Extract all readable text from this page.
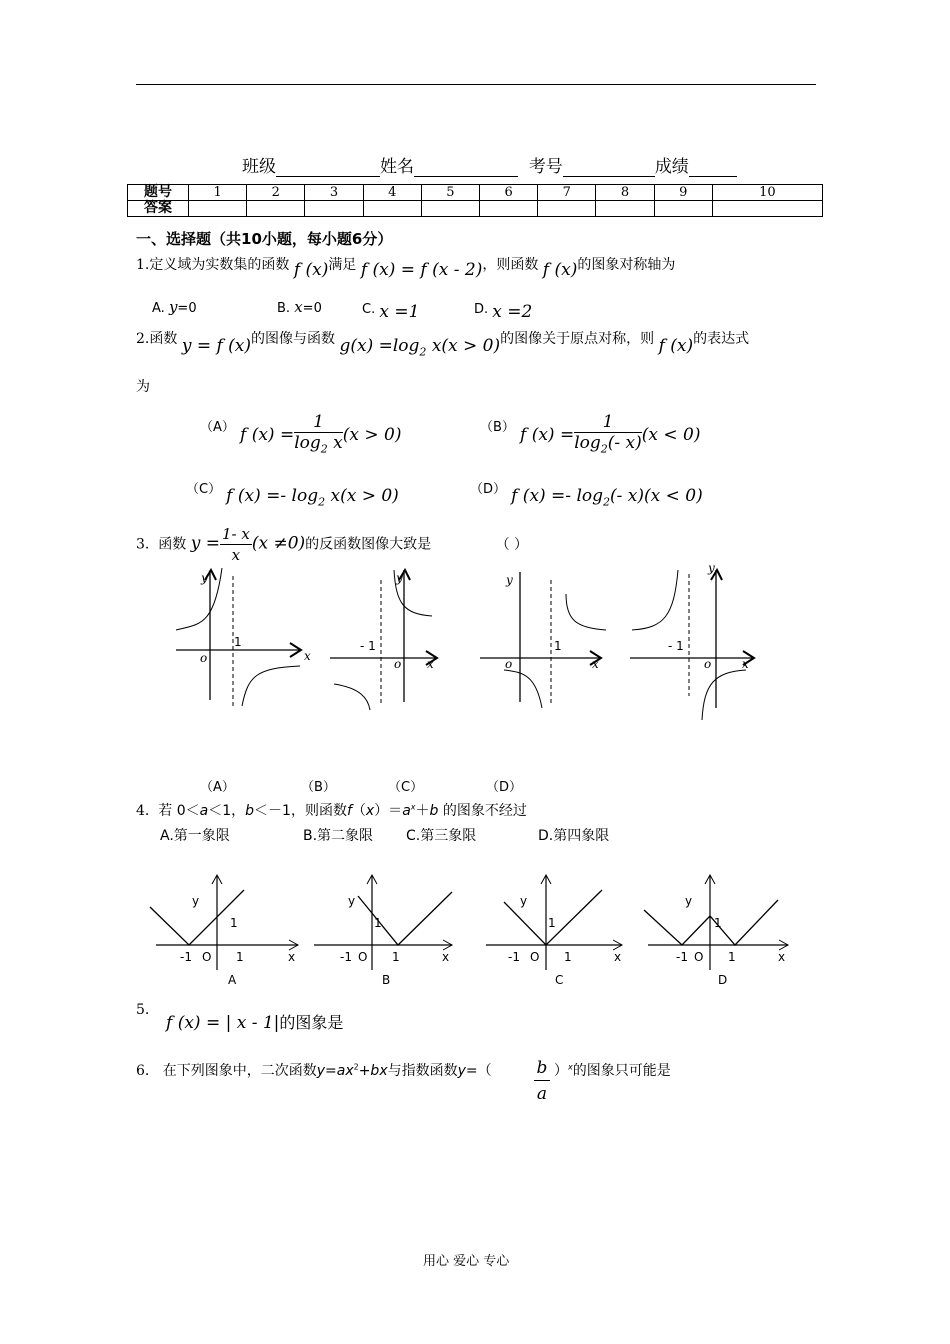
班级	姓名	考号	成绩
题号	1	2	3	4	5	6	7	8	9	10
答案										
一、选择题（共10小题，每小题6分）
1.定义域为实数集的函数 f (x)满足 f (x) = f (x - 2)，则函数 f (x)的图象对称轴为
A. y=0	B. x=0	C. x =1	D. x =2
2.函数 y = f (x)的图像与函数 $g(x) =\log_2$ x(x > 0)的图像关于原点对称，则 f (x)的表达式
为
$^{(A)}$ f $(x) = \frac{1}{\log_2 x} (x > 0)$	$^{(B)}$ f $(x) = \frac{1}{\log_2(- x)} (x < 0)$
$^{(C)}$ f $(x) =- \log_2 x(x > 0)$	$^{(D)}$ f $(x) =- \log_2(-$ x)(x < 0)
3. 函数 $y = \frac{1- x}{x} (x \ne 0)$的反函数图像大致是	（ ）
y
x
o
1
y
x
o
- 1
y
x
o
1
y
x
o
- 1
（A）	（B）	（C）	（D）
4. 若 0＜a＜1，b＜－1，则函数$f(x)=a^x+b$ 的图象不经过
A.第一象限	B.第二象限 C.第三象限	D.第四象限
y
1
-1 O 1	x
A
y
1
-1 O 1	x
B
y
1
-1 O 1	x
C
y
1
-1 O 1	x
D
5.
f (x) = | x - 1|的图象是
6. 在下列图象中，二次函数$y=ax^2+bx$与指数函数y=（	b
a
）$^x$的图象只可能是
用心 爱心 专心
